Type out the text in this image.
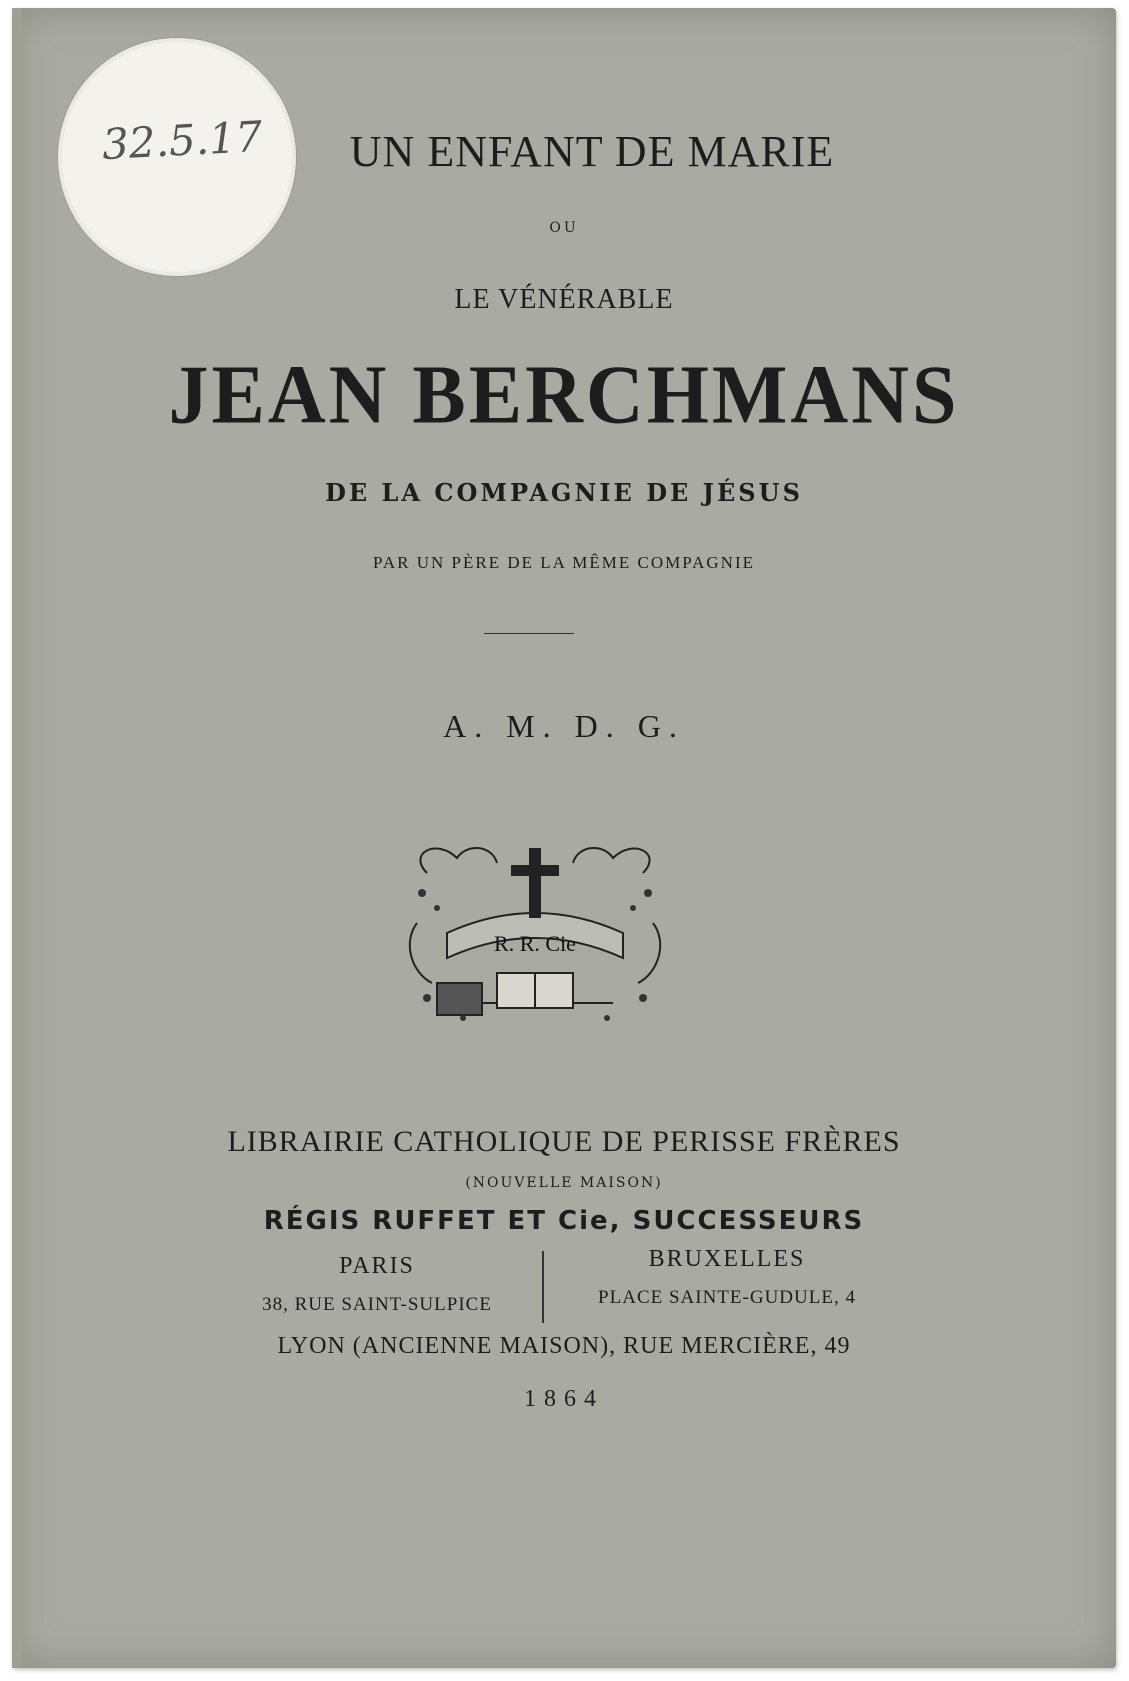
32.5.17	UN ENFANT DE MARIE
OU
LE VÉNÉRABLE
JEAN BERCHMANS
DE LA COMPAGNIE DE JÉSUS
PAR UN PÈRE DE LA MÊME COMPAGNIE
A. M. D. G.
R. R. Cie
LIBRAIRIE CATHOLIQUE DE PERISSE FRÈRES
(NOUVELLE MAISON)
RÉGIS RUFFET ET Cie, SUCCESSEURS
PARIS
38, RUE SAINT-SULPICE
BRUXELLES
PLACE SAINTE-GUDULE, 4
LYON (ANCIENNE MAISON), RUE MERCIÈRE, 49
1864
